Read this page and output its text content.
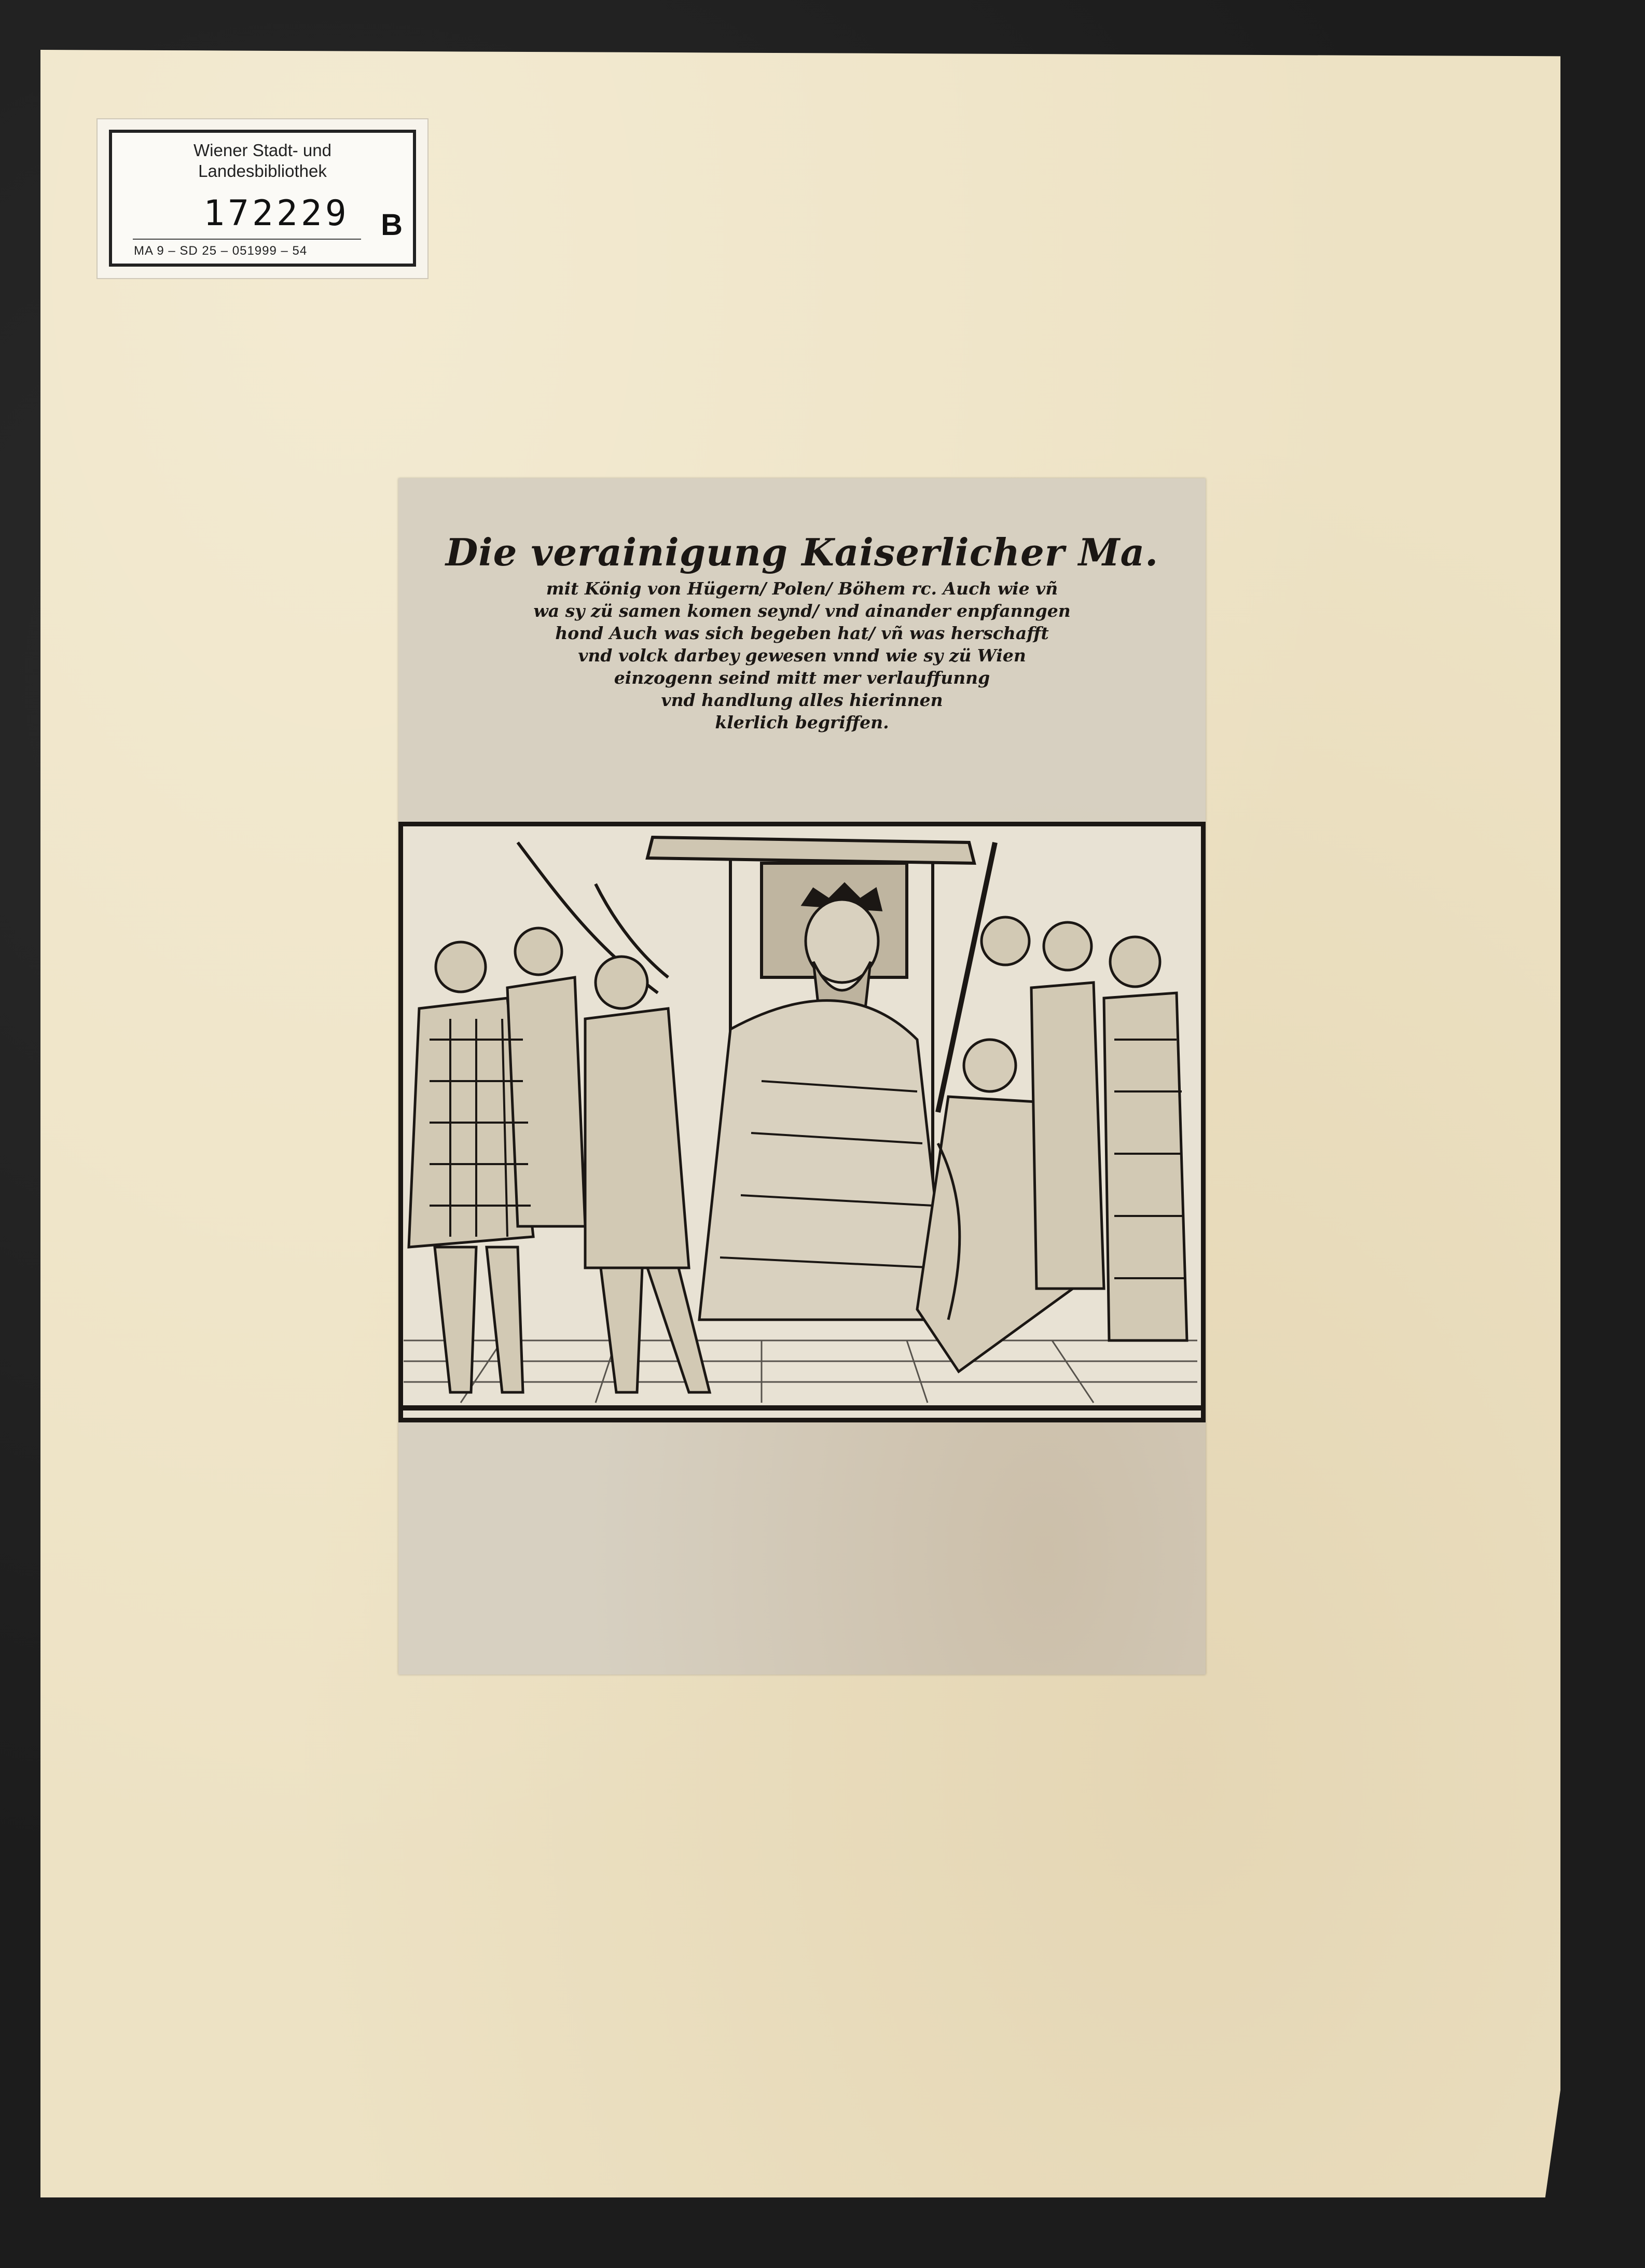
Wiener Stadt- und
Landesbibliothek
172229 B
MA 9 – SD 25 – 051999 – 54
Die verainigung Kaiserlicher Ma.
mit König von Hügern/ Polen/ Böhem rc. Auch wie vñ
wa sy zü samen komen seynd/ vnd ainander enpfanngen
hond Auch was sich begeben hat/ vñ was herschafft
vnd volck darbey gewesen vnnd wie sy zü Wien
einzogenn seind mitt mer verlauffunng
vnd handlung alles hierinnen
klerlich begriffen.
